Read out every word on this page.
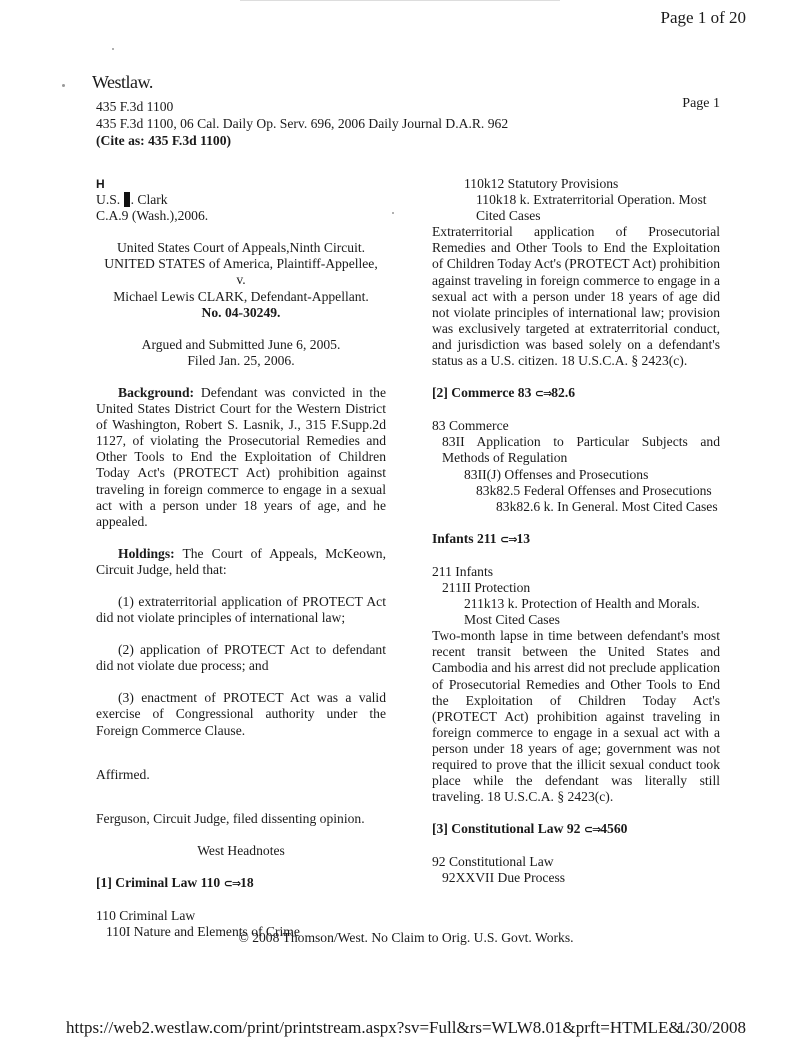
Page 1 of 20
Westlaw.
Page 1
435 F.3d 1100
435 F.3d 1100, 06 Cal. Daily Op. Serv. 696, 2006 Daily Journal D.A.R. 962
(Cite as: 435 F.3d 1100)

H

U.S. . Clark

C.A.9 (Wash.),2006.

United States Court of Appeals,Ninth Circuit.

UNITED STATES of America, Plaintiff-Appellee,

v.

Michael Lewis CLARK, Defendant-Appellant.

No. 04-30249.

Argued and Submitted June 6, 2005.

Filed Jan. 25, 2006.

Background: Defendant was convicted in the United States District Court for the Western District of Washington, Robert S. Lasnik, J., 315 F.Supp.2d 1127, of violating the Prosecutorial Remedies and Other Tools to End the Exploitation of Children Today Act's (PROTECT Act) prohibition against traveling in foreign commerce to engage in a sexual act with a person under 18 years of age, and he appealed.

Holdings: The Court of Appeals, McKeown, Circuit Judge, held that:

(1) extraterritorial application of PROTECT Act did not violate principles of international law;

(2) application of PROTECT Act to defendant did not violate due process; and

(3) enactment of PROTECT Act was a valid exercise of Congressional authority under the Foreign Commerce Clause.

Affirmed.

Ferguson, Circuit Judge, filed dissenting opinion.

West Headnotes

[1] Criminal Law 110 ⊂⇒18

110 Criminal Law

110I Nature and Elements of Crime

110k12 Statutory Provisions

110k18 k. Extraterritorial Operation. Most Cited Cases

Extraterritorial application of Prosecutorial Remedies and Other Tools to End the Exploitation of Children Today Act's (PROTECT Act) prohibition against traveling in foreign commerce to engage in a sexual act with a person under 18 years of age did not violate principles of international law; provision was exclusively targeted at extraterritorial conduct, and jurisdiction was based solely on a defendant's status as a U.S. citizen. 18 U.S.C.A. § 2423(c).

[2] Commerce 83 ⊂⇒82.6

83 Commerce

83II Application to Particular Subjects and Methods of Regulation

83II(J) Offenses and Prosecutions

83k82.5 Federal Offenses and Prosecutions

83k82.6 k. In General. Most Cited Cases

Infants 211 ⊂⇒13

211 Infants

211II Protection

211k13 k. Protection of Health and Morals. Most Cited Cases

Two-month lapse in time between defendant's most recent transit between the United States and Cambodia and his arrest did not preclude application of Prosecutorial Remedies and Other Tools to End the Exploitation of Children Today Act's (PROTECT Act) prohibition against traveling in foreign commerce to engage in a sexual act with a person under 18 years of age; government was not required to prove that the illicit sexual conduct took place while the defendant was literally still traveling. 18 U.S.C.A. § 2423(c).

[3] Constitutional Law 92 ⊂⇒4560

92 Constitutional Law

92XXVII Due Process

© 2008 Thomson/West. No Claim to Orig. U.S. Govt. Works.
https://web2.westlaw.com/print/printstream.aspx?sv=Full&rs=WLW8.01&prft=HTMLE&...
1/30/2008
